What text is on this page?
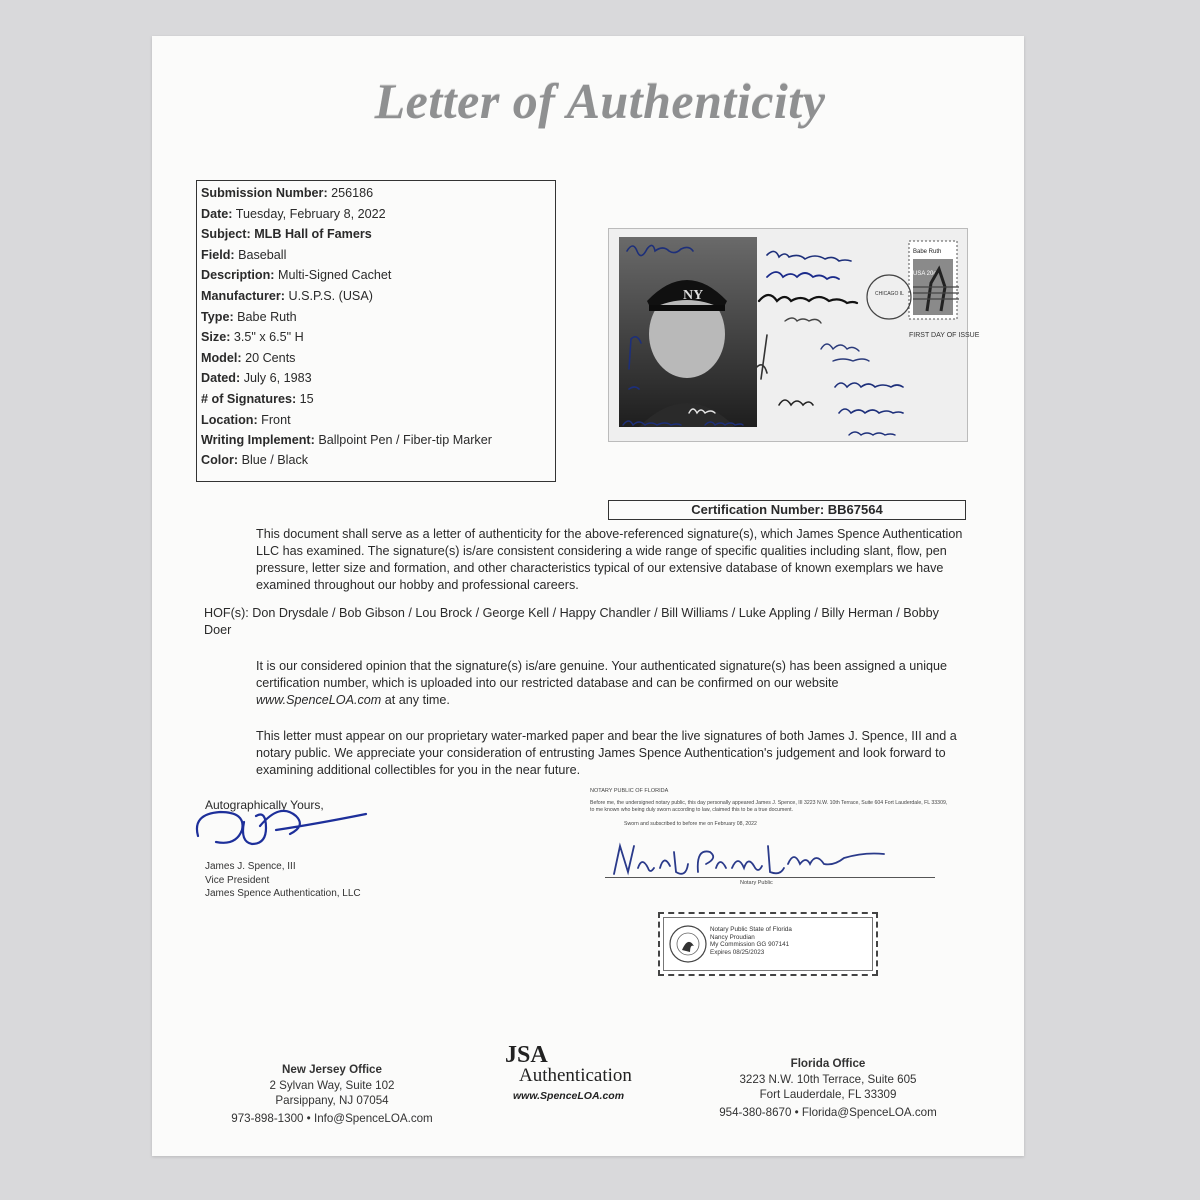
Letter of Authenticity
Submission Number: 256186
Date: Tuesday, February 8, 2022
Subject: MLB Hall of Famers
Field: Baseball
Description: Multi-Signed Cachet
Manufacturer: U.S.P.S. (USA)
Type: Babe Ruth
Size: 3.5" x 6.5" H
Model: 20 Cents
Dated: July 6, 1983
# of Signatures: 15
Location: Front
Writing Implement: Ballpoint Pen / Fiber-tip Marker
Color: Blue / Black
NY
Babe Ruth
USA 20c
CHICAGO IL
FIRST DAY OF ISSUE
Certification Number: BB67564
This document shall serve as a letter of authenticity for the above-referenced signature(s), which James Spence Authentication LLC has examined. The signature(s) is/are consistent considering a wide range of specific qualities including slant, flow, pen pressure, letter size and formation, and other characteristics typical of our extensive database of known exemplars we have examined throughout our hobby and professional careers.
HOF(s): Don Drysdale / Bob Gibson / Lou Brock / George Kell / Happy Chandler / Bill Williams / Luke Appling / Billy Herman / Bobby Doer
It is our considered opinion that the signature(s) is/are genuine. Your authenticated signature(s) has been assigned a unique certification number, which is uploaded into our restricted database and can be confirmed on our website www.SpenceLOA.com at any time.
This letter must appear on our proprietary water-marked paper and bear the live signatures of both James J. Spence, III and a notary public. We appreciate your consideration of entrusting James Spence Authentication's judgement and look forward to examining additional collectibles for you in the near future.
Autographically Yours,
James J. Spence, III
Vice President
James Spence Authentication, LLC
NOTARY PUBLIC OF FLORIDA
Before me, the undersigned notary public, this day personally appeared James J. Spence, III 3223 N.W. 10th Terrace, Suite 604 Fort Lauderdale, FL 33309, to me known who being duly sworn according to law, claimed this to be a true document.
Sworn and subscribed to before me on February 08, 2022
Notary Public
Notary Public State of Florida
Nancy Proudian
My Commission GG 907141
Expires 08/25/2023
New Jersey Office
2 Sylvan Way, Suite 102
Parsippany, NJ 07054
973-898-1300 • Info@SpenceLOA.com
JSA
Authentication
www.SpenceLOA.com
Florida Office
3223 N.W. 10th Terrace, Suite 605
Fort Lauderdale, FL 33309
954-380-8670 • Florida@SpenceLOA.com
